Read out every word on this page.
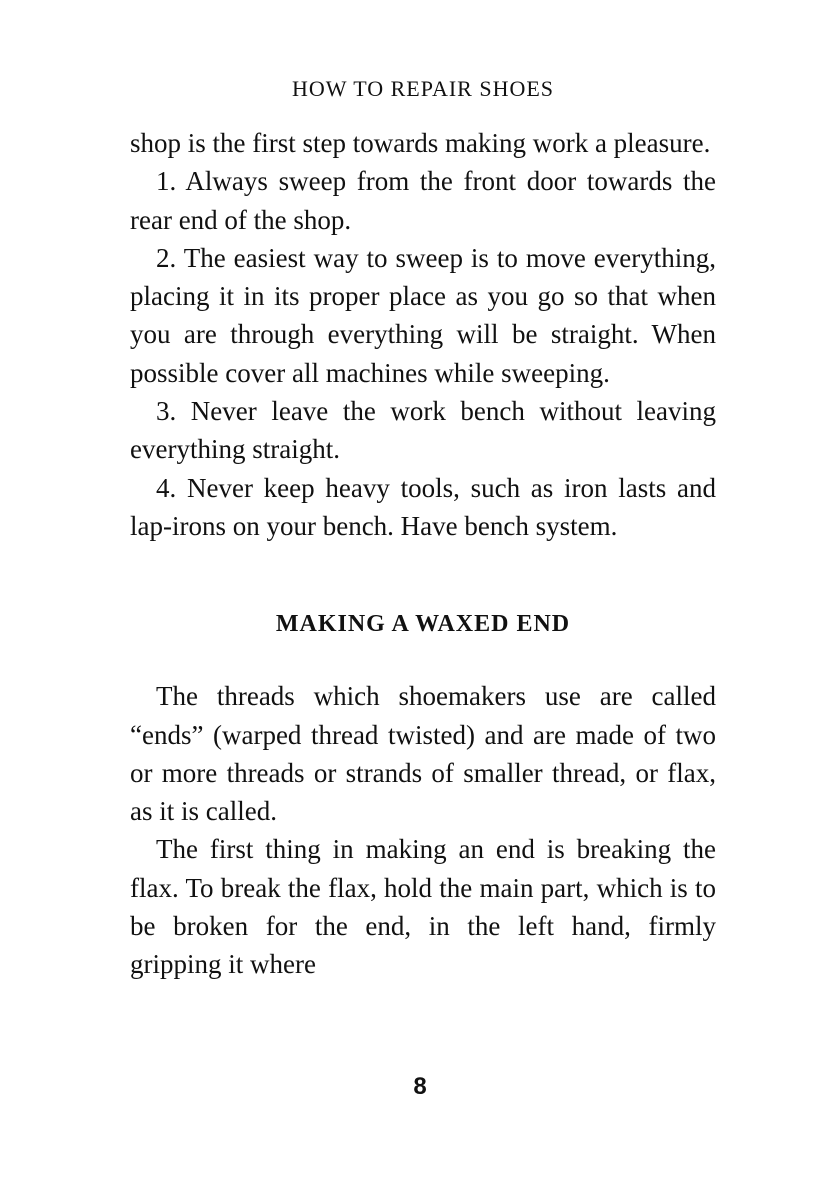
HOW TO REPAIR SHOES

shop is the first step towards making work a pleasure.

1. Always sweep from the front door towards the rear end of the shop.

2. The easiest way to sweep is to move everything, placing it in its proper place as you go so that when you are through everything will be straight. When possible cover all machines while sweeping.

3. Never leave the work bench without leaving everything straight.

4. Never keep heavy tools, such as iron lasts and lap-irons on your bench. Have bench system.

MAKING A WAXED END

The threads which shoemakers use are called “ends” (warped thread twisted) and are made of two or more threads or strands of smaller thread, or flax, as it is called.

The first thing in making an end is breaking the flax. To break the flax, hold the main part, which is to be broken for the end, in the left hand, firmly gripping it where

8
